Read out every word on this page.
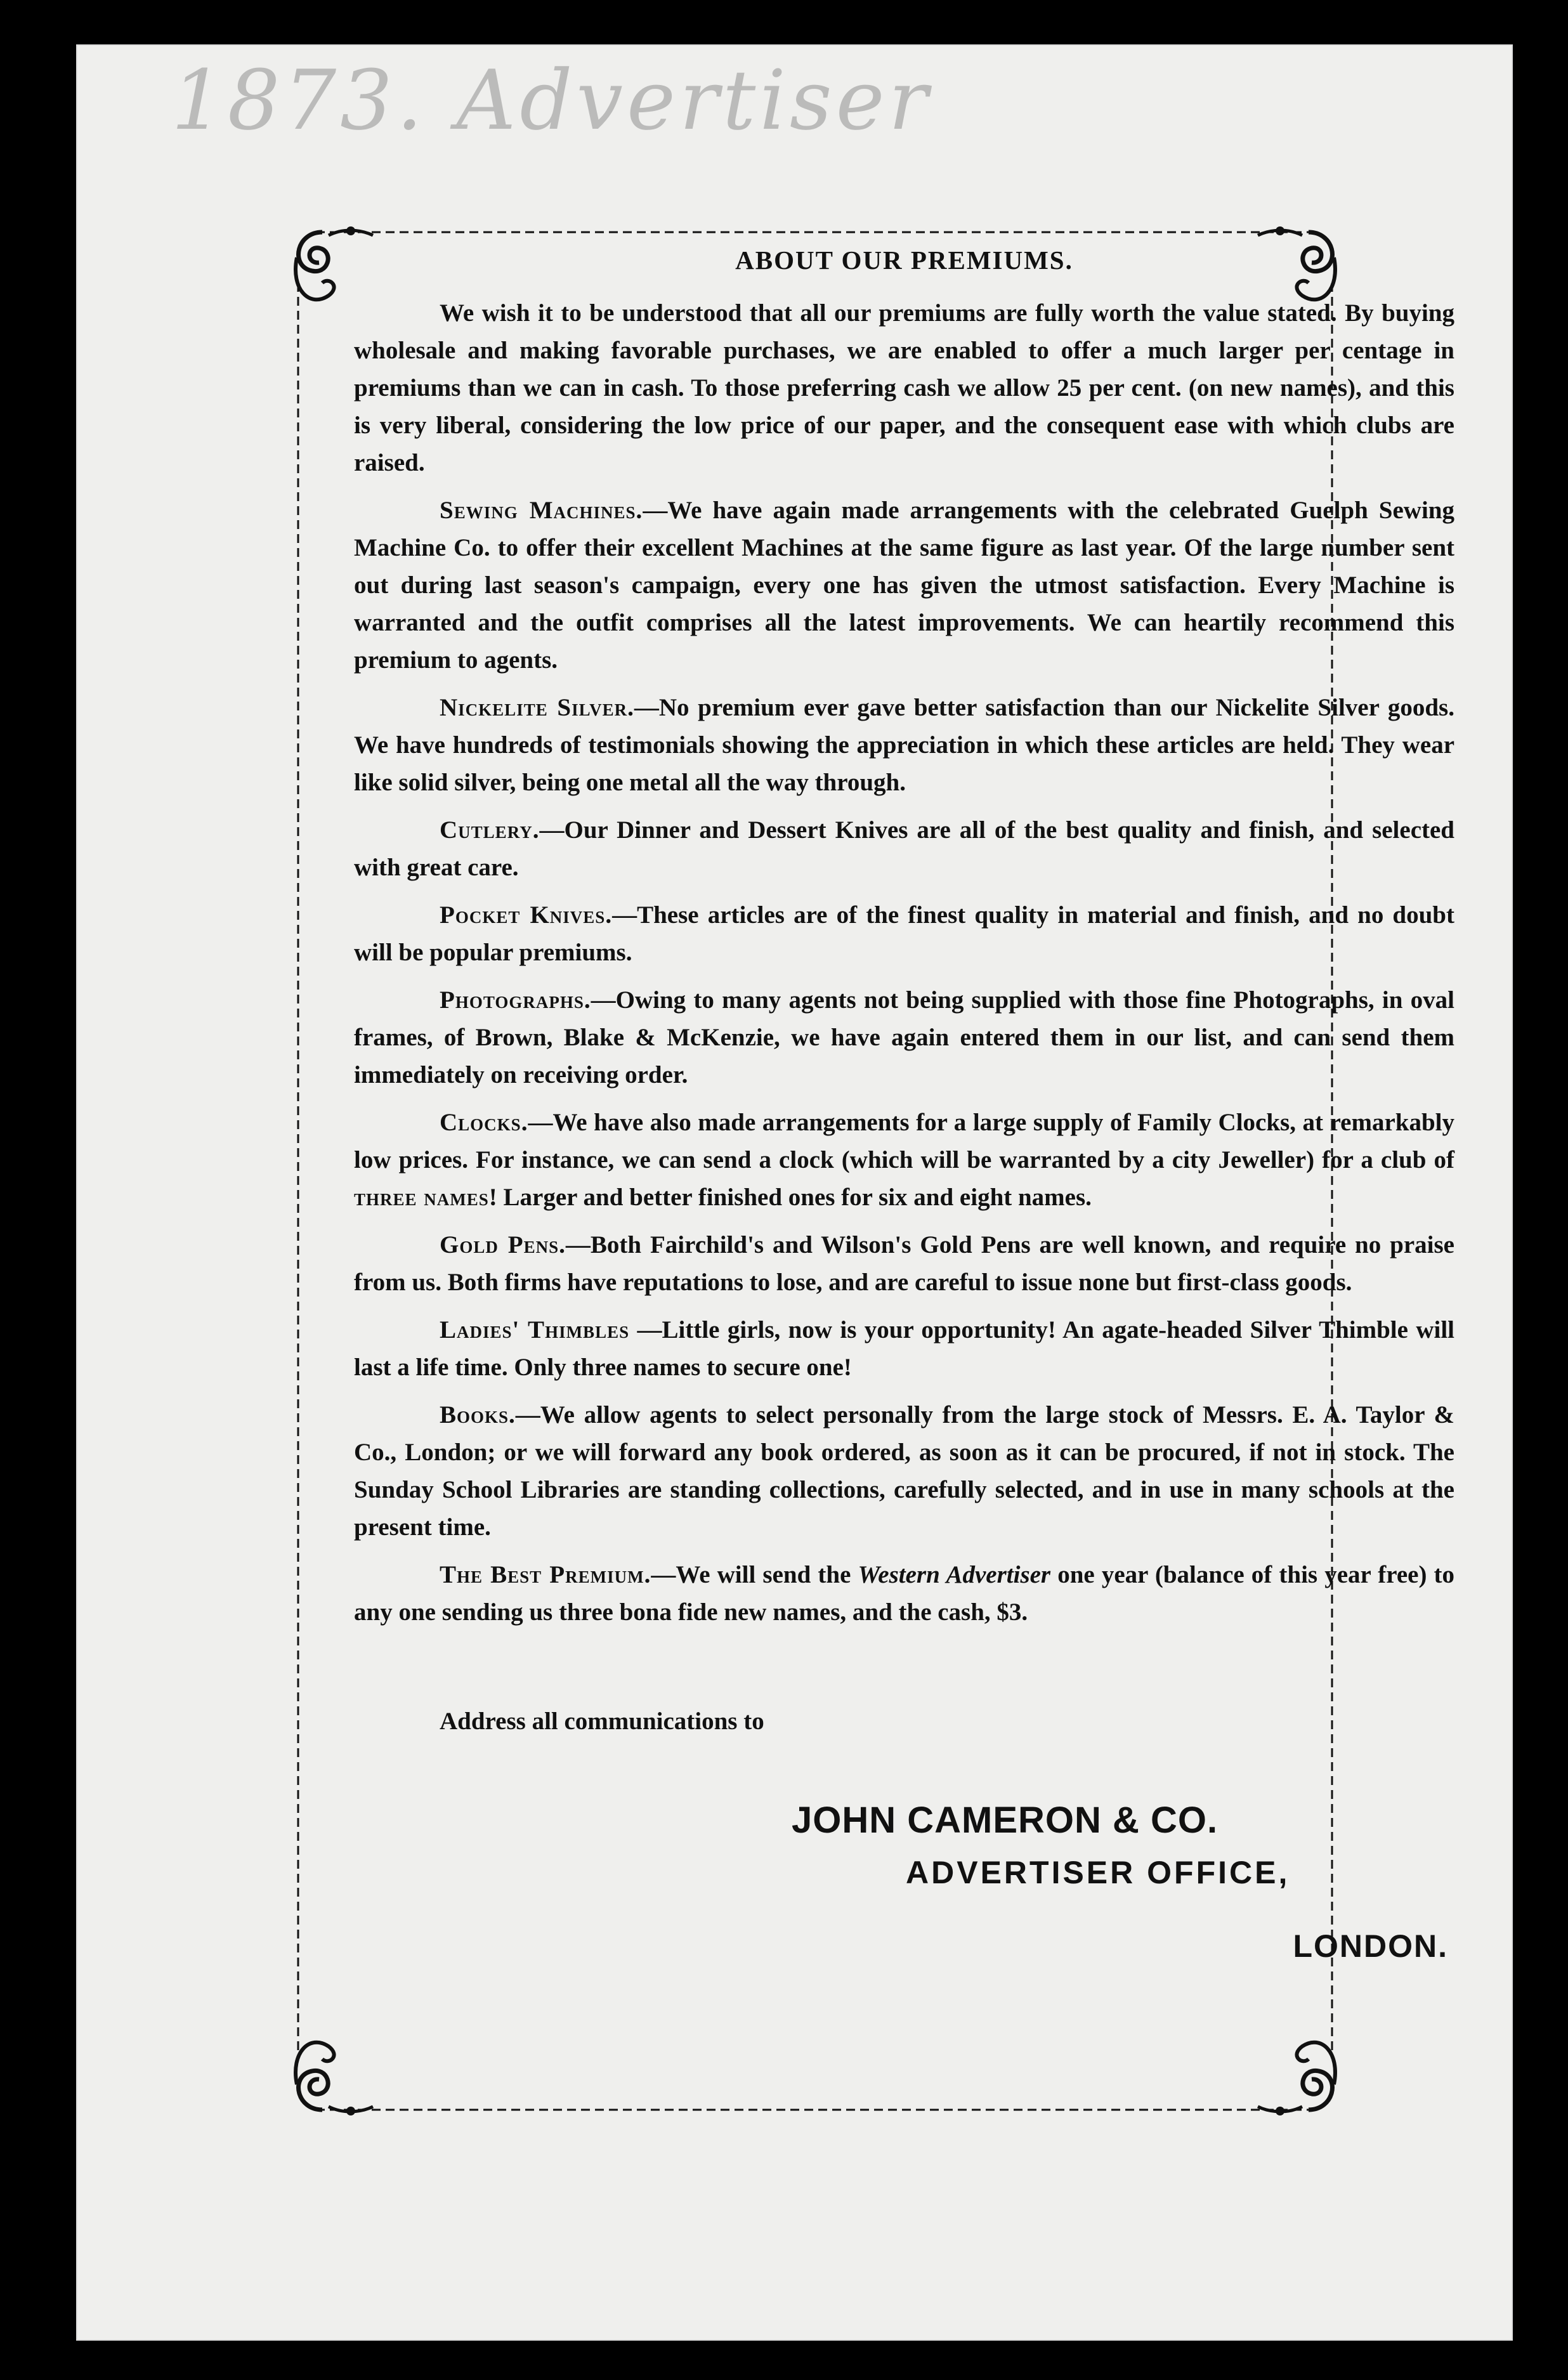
1873. Advertiser
ABOUT OUR PREMIUMS.

We wish it to be understood that all our premiums are fully worth the value stated. By buying wholesale and making favorable purchases, we are enabled to offer a much larger per centage in premiums than we can in cash. To those preferring cash we allow 25 per cent. (on new names), and this is very liberal, considering the low price of our paper, and the consequent ease with which clubs are raised.

Sewing Machines.—We have again made arrangements with the celebrated Guelph Sewing Machine Co. to offer their excellent Machines at the same figure as last year. Of the large number sent out during last season's campaign, every one has given the utmost satisfaction. Every Machine is warranted and the outfit comprises all the latest improvements. We can heartily recommend this premium to agents.

Nickelite Silver.—No premium ever gave better satisfaction than our Nickelite Silver goods. We have hundreds of testimonials showing the appreciation in which these articles are held. They wear like solid silver, being one metal all the way through.

Cutlery.—Our Dinner and Dessert Knives are all of the best quality and finish, and selected with great care.

Pocket Knives.—These articles are of the finest quality in material and finish, and no doubt will be popular premiums.

Photographs.—Owing to many agents not being supplied with those fine Photographs, in oval frames, of Brown, Blake & McKenzie, we have again entered them in our list, and can send them immediately on receiving order.

Clocks.—We have also made arrangements for a large supply of Family Clocks, at remarkably low prices. For instance, we can send a clock (which will be warranted by a city Jeweller) for a club of three names! Larger and better finished ones for six and eight names.

Gold Pens.—Both Fairchild's and Wilson's Gold Pens are well known, and require no praise from us. Both firms have reputations to lose, and are careful to issue none but first-class goods.

Ladies' Thimbles —Little girls, now is your opportunity! An agate-headed Silver Thimble will last a life time. Only three names to secure one!

Books.—We allow agents to select personally from the large stock of Messrs. E. A. Taylor & Co., London; or we will forward any book ordered, as soon as it can be procured, if not in stock. The Sunday School Libraries are standing collections, carefully selected, and in use in many schools at the present time.

The Best Premium.—We will send the Western Advertiser one year (balance of this year free) to any one sending us three bona fide new names, and the cash, $3.

Address all communications to
JOHN CAMERON & CO.
ADVERTISER OFFICE,
LONDON.
